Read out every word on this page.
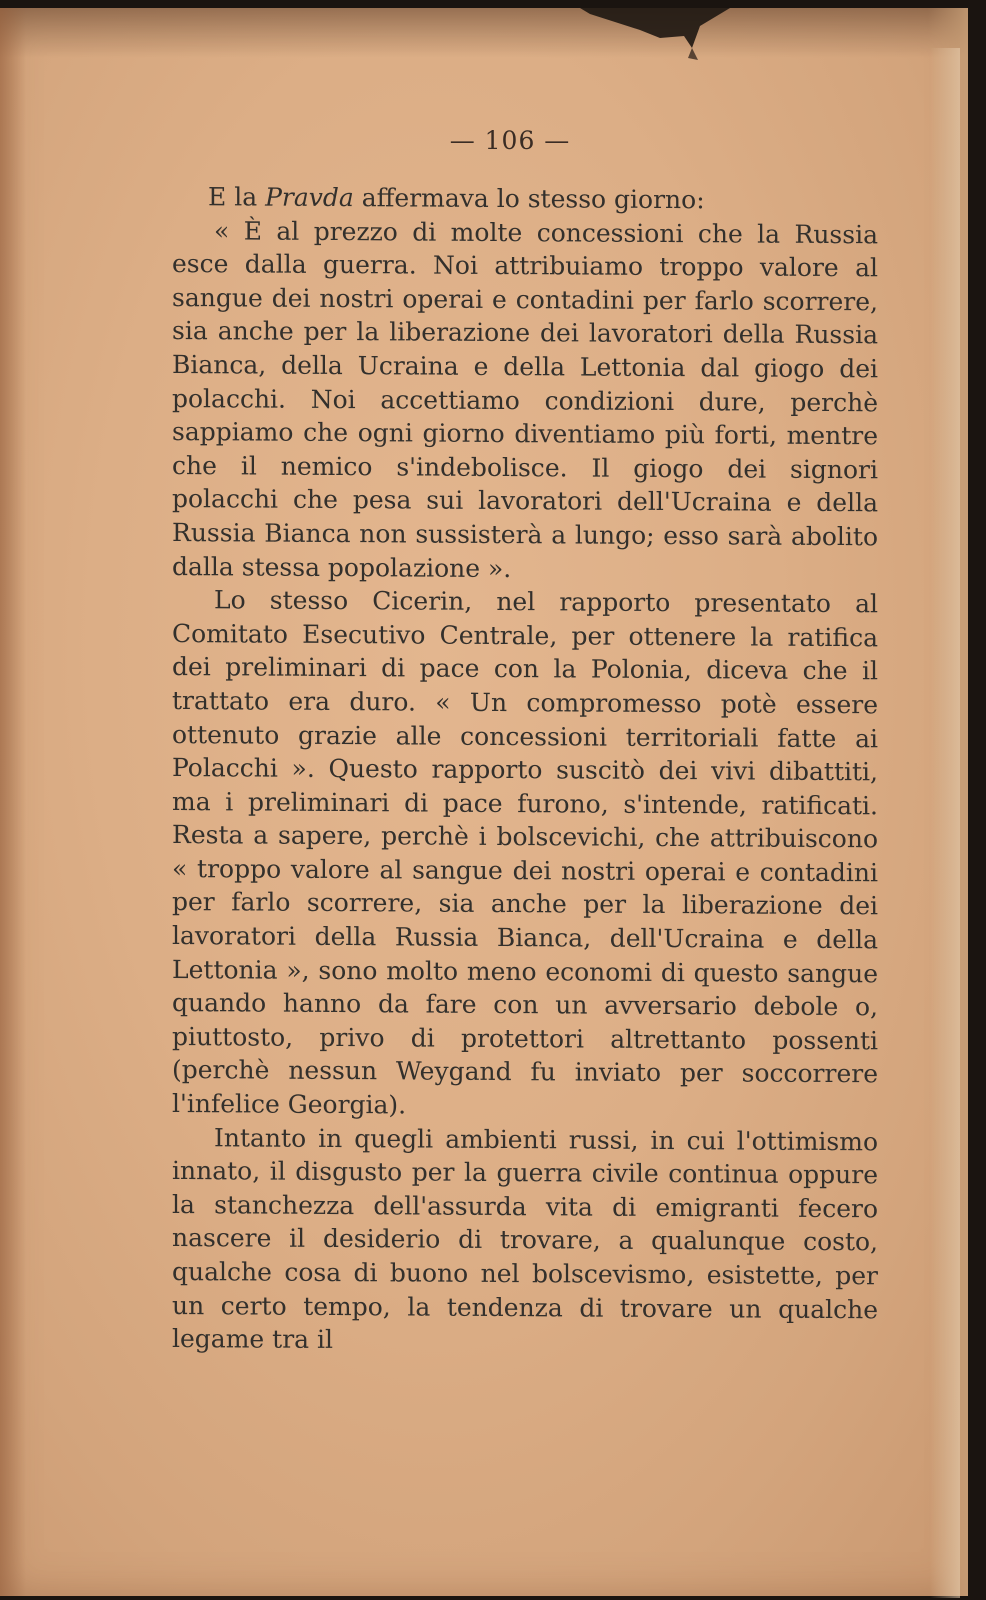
— 106 —

E la Pravda affermava lo stesso giorno:

« È al prezzo di molte concessioni che la Russia esce dalla guerra. Noi attribuiamo troppo valore al sangue dei nostri operai e contadini per farlo scorrere, sia anche per la liberazione dei lavoratori della Russia Bianca, della Ucraina e della Lettonia dal giogo dei polacchi. Noi accettiamo condizioni dure, perchè sappiamo che ogni giorno diventiamo più forti, mentre che il nemico s'indebolisce. Il giogo dei signori polacchi che pesa sui lavoratori dell'Ucraina e della Russia Bianca non sussisterà a lungo; esso sarà abolito dalla stessa popolazione ».

Lo stesso Cicerin, nel rapporto presentato al Comitato Esecutivo Centrale, per ottenere la ratifica dei preliminari di pace con la Polonia, diceva che il trattato era duro. « Un compromesso potè essere ottenuto grazie alle concessioni territoriali fatte ai Polacchi ». Questo rapporto suscitò dei vivi dibattiti, ma i preliminari di pace furono, s'intende, ratificati. Resta a sapere, perchè i bolscevichi, che attribuiscono « troppo valore al sangue dei nostri operai e contadini per farlo scorrere, sia anche per la liberazione dei lavoratori della Russia Bianca, dell'Ucraina e della Lettonia », sono molto meno economi di questo sangue quando hanno da fare con un avversario debole o, piuttosto, privo di protettori altrettanto possenti (perchè nessun Weygand fu inviato per soccorrere l'infelice Georgia).

Intanto in quegli ambienti russi, in cui l'ottimismo innato, il disgusto per la guerra civile continua oppure la stanchezza dell'assurda vita di emigranti fecero nascere il desiderio di trovare, a qualunque costo, qualche cosa di buono nel bolscevismo, esistette, per un certo tempo, la tendenza di trovare un qualche legame tra il
